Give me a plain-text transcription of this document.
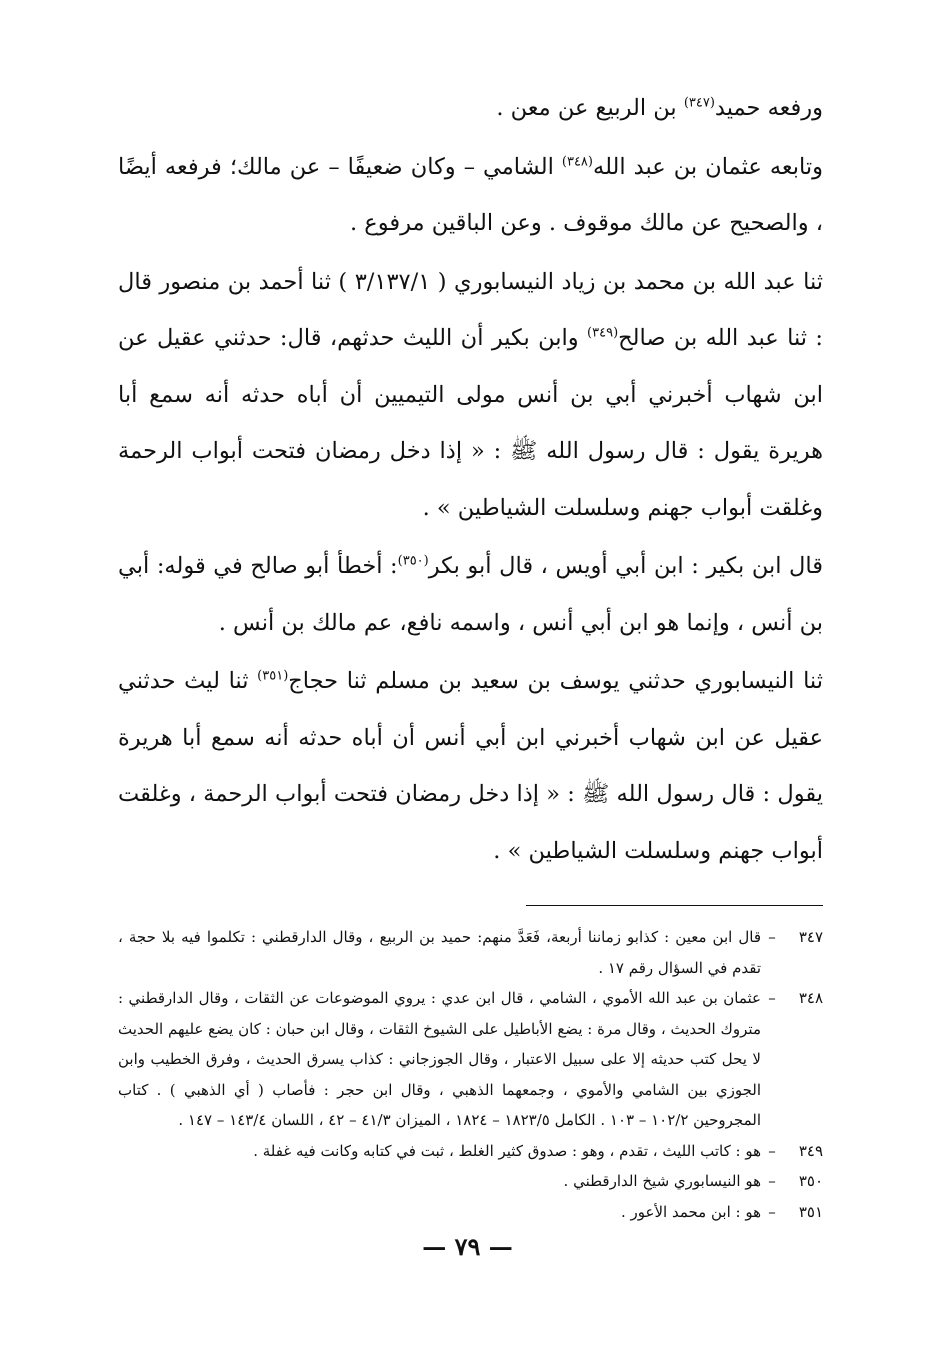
ورفعه حميد$^{(٣٤٧)}$ بن الربيع عن معن .

وتابعه عثمان بن عبد الله$^{(٣٤٨)}$ الشامي – وكان ضعيفًا – عن مالك؛ فرفعه أيضًا ، والصحيح عن مالك موقوف . وعن الباقين مرفوع .

ثنا عبد الله بن محمد بن زياد النيسابوري ( ٣/١٣٧/١ ) ثنا أحمد بن منصور قال : ثنا عبد الله بن صالح$^{(٣٤٩)}$ وابن بكير أن الليث حدثهم، قال: حدثني عقيل عن ابن شهاب أخبرني أبي بن أنس مولى التيميين أن أباه حدثه أنه سمع أبا هريرة يقول : قال رسول الله ﷺ : « إذا دخل رمضان فتحت أبواب الرحمة وغلقت أبواب جهنم وسلسلت الشياطين » .

قال ابن بكير : ابن أبي أويس ، قال أبو بكر$^{(٣٥٠)}$: أخطأ أبو صالح في قوله: أبي بن أنس ، وإنما هو ابن أبي أنس ، واسمه نافع، عم مالك بن أنس .

ثنا النيسابوري حدثني يوسف بن سعيد بن مسلم ثنا حجاج$^{(٣٥١)}$ ثنا ليث حدثني عقيل عن ابن شهاب أخبرني ابن أبي أنس أن أباه حدثه أنه سمع أبا هريرة يقول : قال رسول الله ﷺ : « إذا دخل رمضان فتحت أبواب الرحمة ، وغلقت أبواب جهنم وسلسلت الشياطين » .

٣٤٧
–
قال ابن معين : كذابو زماننا أربعة، فَعَدَّ منهم: حميد بن الربيع ، وقال الدارقطني : تكلموا فيه بلا حجة ، تقدم في السؤال رقم ١٧ .
٣٤٨
–
عثمان بن عبد الله الأموي ، الشامي ، قال ابن عدي : يروي الموضوعات عن الثقات ، وقال الدارقطني : متروك الحديث ، وقال مرة : يضع الأباطيل على الشيوخ الثقات ، وقال ابن حبان : كان يضع عليهم الحديث لا يحل كتب حديثه إلا على سبيل الاعتبار ، وقال الجوزجاني : كذاب يسرق الحديث ، وفرق الخطيب وابن الجوزي بين الشامي والأموي ، وجمعهما الذهبي ، وقال ابن حجر : فأصاب ( أي الذهبي ) . كتاب المجروحين ١٠٢/٢ – ١٠٣ . الكامل ١٨٢٣/٥ – ١٨٢٤ ، الميزان ٤١/٣ – ٤٢ ، اللسان ١٤٣/٤ – ١٤٧ .
٣٤٩
–
هو : كاتب الليث ، تقدم ، وهو : صدوق كثير الغلط ، ثبت في كتابه وكانت فيه غفلة .
٣٥٠
–
هو النيسابوري شيخ الدارقطني .
٣٥١
–
هو : ابن محمد الأعور .
— ٧٩ —
